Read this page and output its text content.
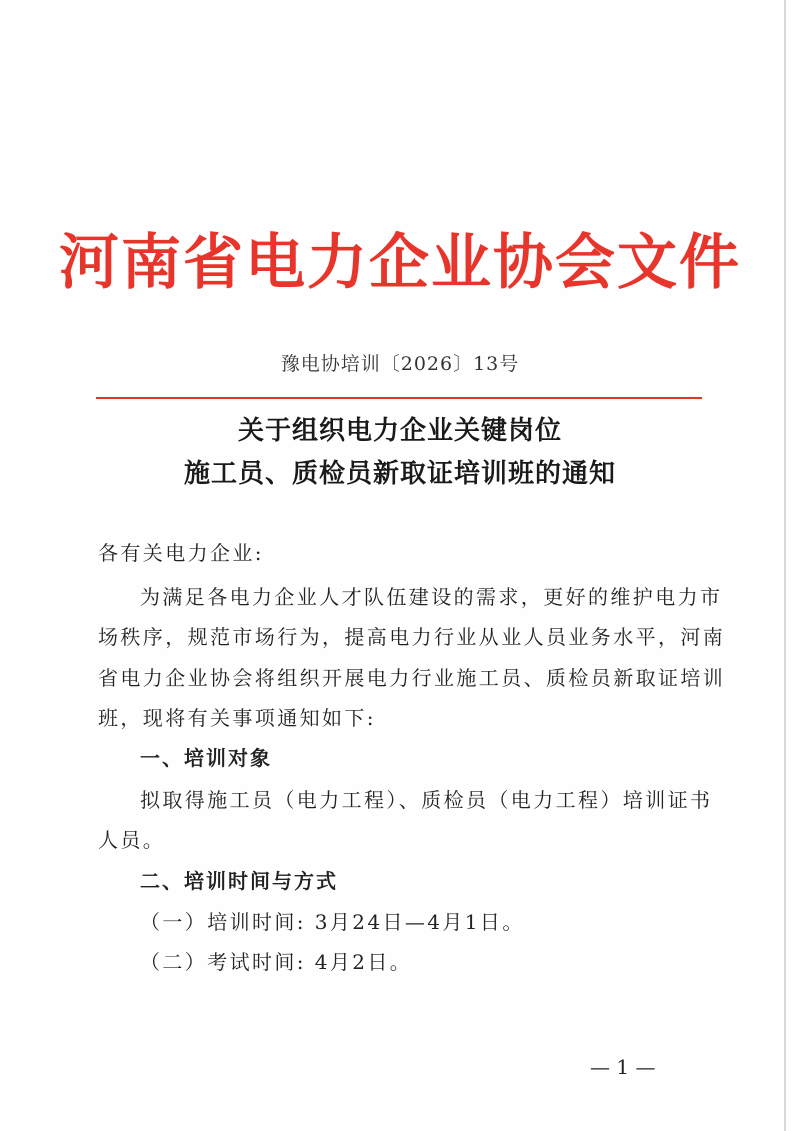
河南省电力企业协会文件
豫电协培训〔2026〕13号
关于组织电力企业关键岗位
施工员、质检员新取证培训班的通知
各有关电力企业:
为满足各电力企业人才队伍建设的需求，更好的维护电力市
场秩序，规范市场行为，提高电力行业从业人员业务水平，河南
省电力企业协会将组织开展电力行业施工员、质检员新取证培训
班，现将有关事项通知如下:
一、培训对象
拟取得施工员（电力工程）、质检员（电力工程）培训证书
人员。
二、培训时间与方式
（一）培训时间: 3月24日—4月1日。
（二）考试时间: 4月2日。
— 1 —
